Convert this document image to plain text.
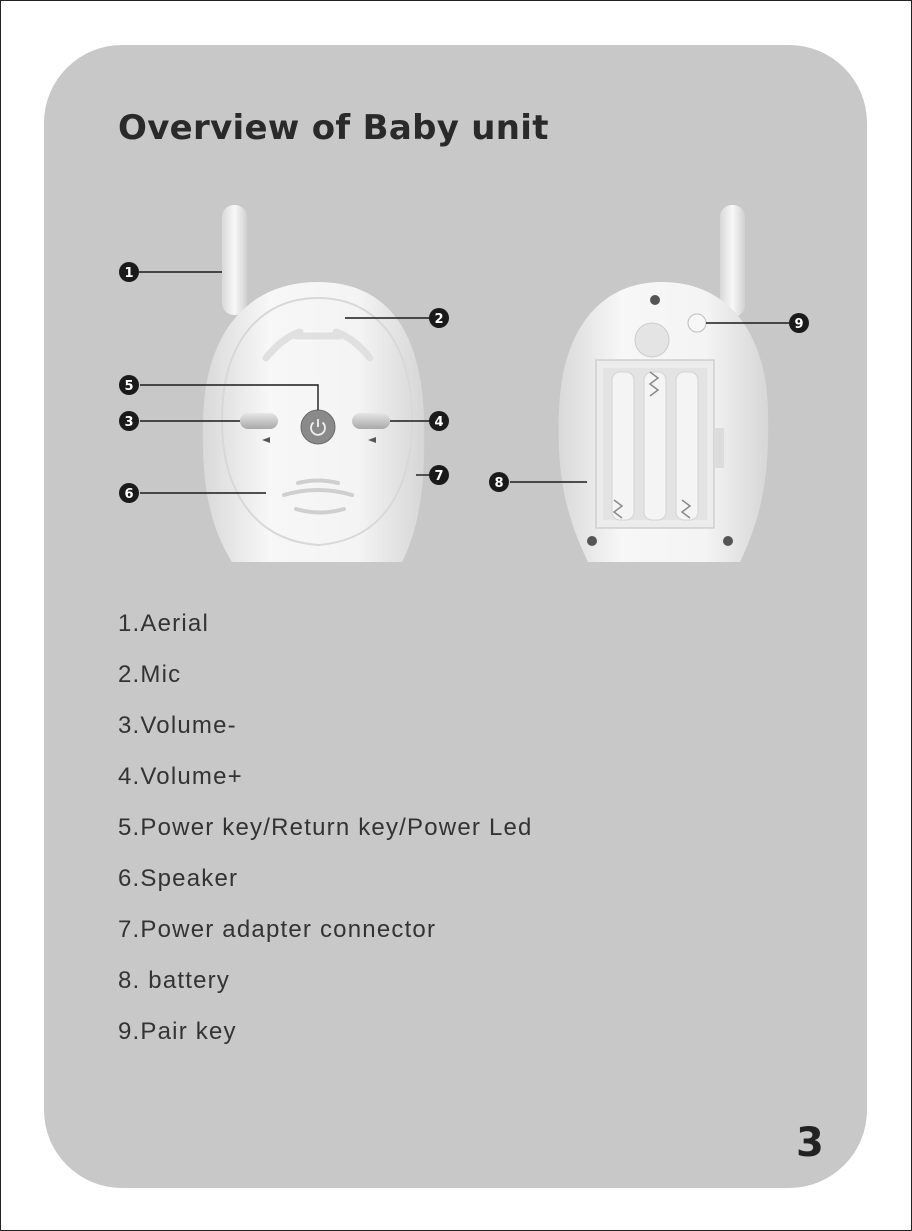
Overview of Baby unit
1
2
3	4
5
6
7	8
9
1.Aerial
2.Mic
3.Volume-
4.Volume+
5.Power key/Return key/Power Led
6.Speaker
7.Power adapter connector
8. battery
9.Pair key
3
